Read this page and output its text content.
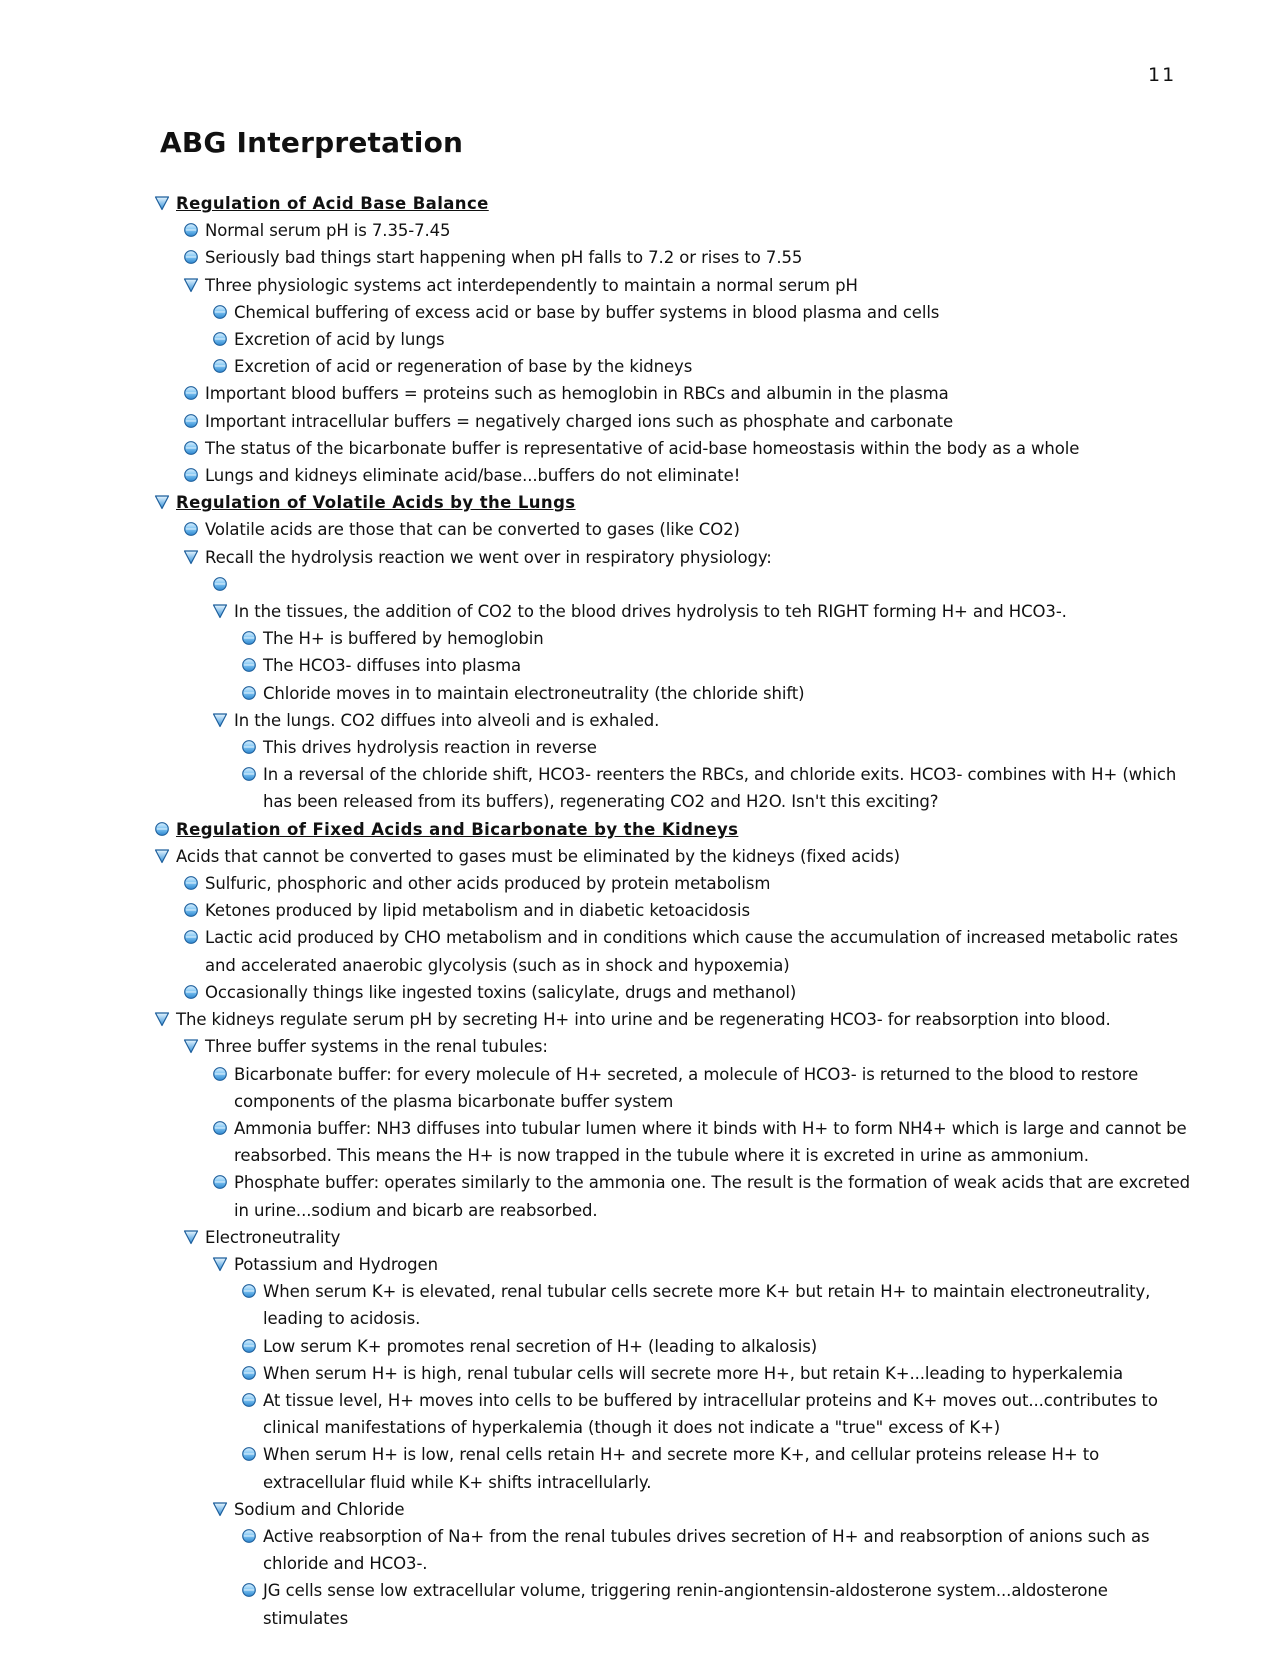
11
ABG Interpretation
Regulation of Acid Base Balance
Normal serum pH is 7.35-7.45
Seriously bad things start happening when pH falls to 7.2 or rises to 7.55
Three physiologic systems act interdependently to maintain a normal serum pH
Chemical buffering of excess acid or base by buffer systems in blood plasma and cells
Excretion of acid by lungs
Excretion of acid or regeneration of base by the kidneys
Important blood buffers = proteins such as hemoglobin in RBCs and albumin in the plasma
Important intracellular buffers = negatively charged ions such as phosphate and carbonate
The status of the bicarbonate buffer is representative of acid-base homeostasis within the body as a whole
Lungs and kidneys eliminate acid/base...buffers do not eliminate!
Regulation of Volatile Acids by the Lungs
Volatile acids are those that can be converted to gases (like CO2)
Recall the hydrolysis reaction we went over in respiratory physiology:

In the tissues, the addition of CO2 to the blood drives hydrolysis to teh RIGHT forming H+ and HCO3-.
The H+ is buffered by hemoglobin
The HCO3- diffuses into plasma
Chloride moves in to maintain electroneutrality (the chloride shift)
In the lungs. CO2 diffues into alveoli and is exhaled.
This drives hydrolysis reaction in reverse
In a reversal of the chloride shift, HCO3- reenters the RBCs, and chloride exits. HCO3- combines with H+ (which has been released from its buffers), regenerating CO2 and H2O. Isn't this exciting?
Regulation of Fixed Acids and Bicarbonate by the Kidneys
Acids that cannot be converted to gases must be eliminated by the kidneys (fixed acids)
Sulfuric, phosphoric and other acids produced by protein metabolism
Ketones produced by lipid metabolism and in diabetic ketoacidosis
Lactic acid produced by CHO metabolism and in conditions which cause the accumulation of increased metabolic rates and accelerated anaerobic glycolysis (such as in shock and hypoxemia)
Occasionally things like ingested toxins (salicylate, drugs and methanol)
The kidneys regulate serum pH by secreting H+ into urine and be regenerating HCO3- for reabsorption into blood.
Three buffer systems in the renal tubules:
Bicarbonate buffer: for every molecule of H+ secreted, a molecule of HCO3- is returned to the blood to restore components of the plasma bicarbonate buffer system
Ammonia buffer: NH3 diffuses into tubular lumen where it binds with H+ to form NH4+ which is large and cannot be reabsorbed. This means the H+ is now trapped in the tubule where it is excreted in urine as ammonium.
Phosphate buffer: operates similarly to the ammonia one. The result is the formation of weak acids that are excreted in urine...sodium and bicarb are reabsorbed.
Electroneutrality
Potassium and Hydrogen
When serum K+ is elevated, renal tubular cells secrete more K+ but retain H+ to maintain electroneutrality, leading to acidosis.
Low serum K+ promotes renal secretion of H+ (leading to alkalosis)
When serum H+ is high, renal tubular cells will secrete more H+, but retain K+...leading to hyperkalemia
At tissue level, H+ moves into cells to be buffered by intracellular proteins and K+ moves out...contributes to clinical manifestations of hyperkalemia (though it does not indicate a "true" excess of K+)
When serum H+ is low, renal cells retain H+ and secrete more K+, and cellular proteins release H+ to extracellular fluid while K+ shifts intracellularly.
Sodium and Chloride
Active reabsorption of Na+ from the renal tubules drives secretion of H+ and reabsorption of anions such as chloride and HCO3-.
JG cells sense low extracellular volume, triggering renin-angiontensin-aldosterone system...aldosterone stimulates
